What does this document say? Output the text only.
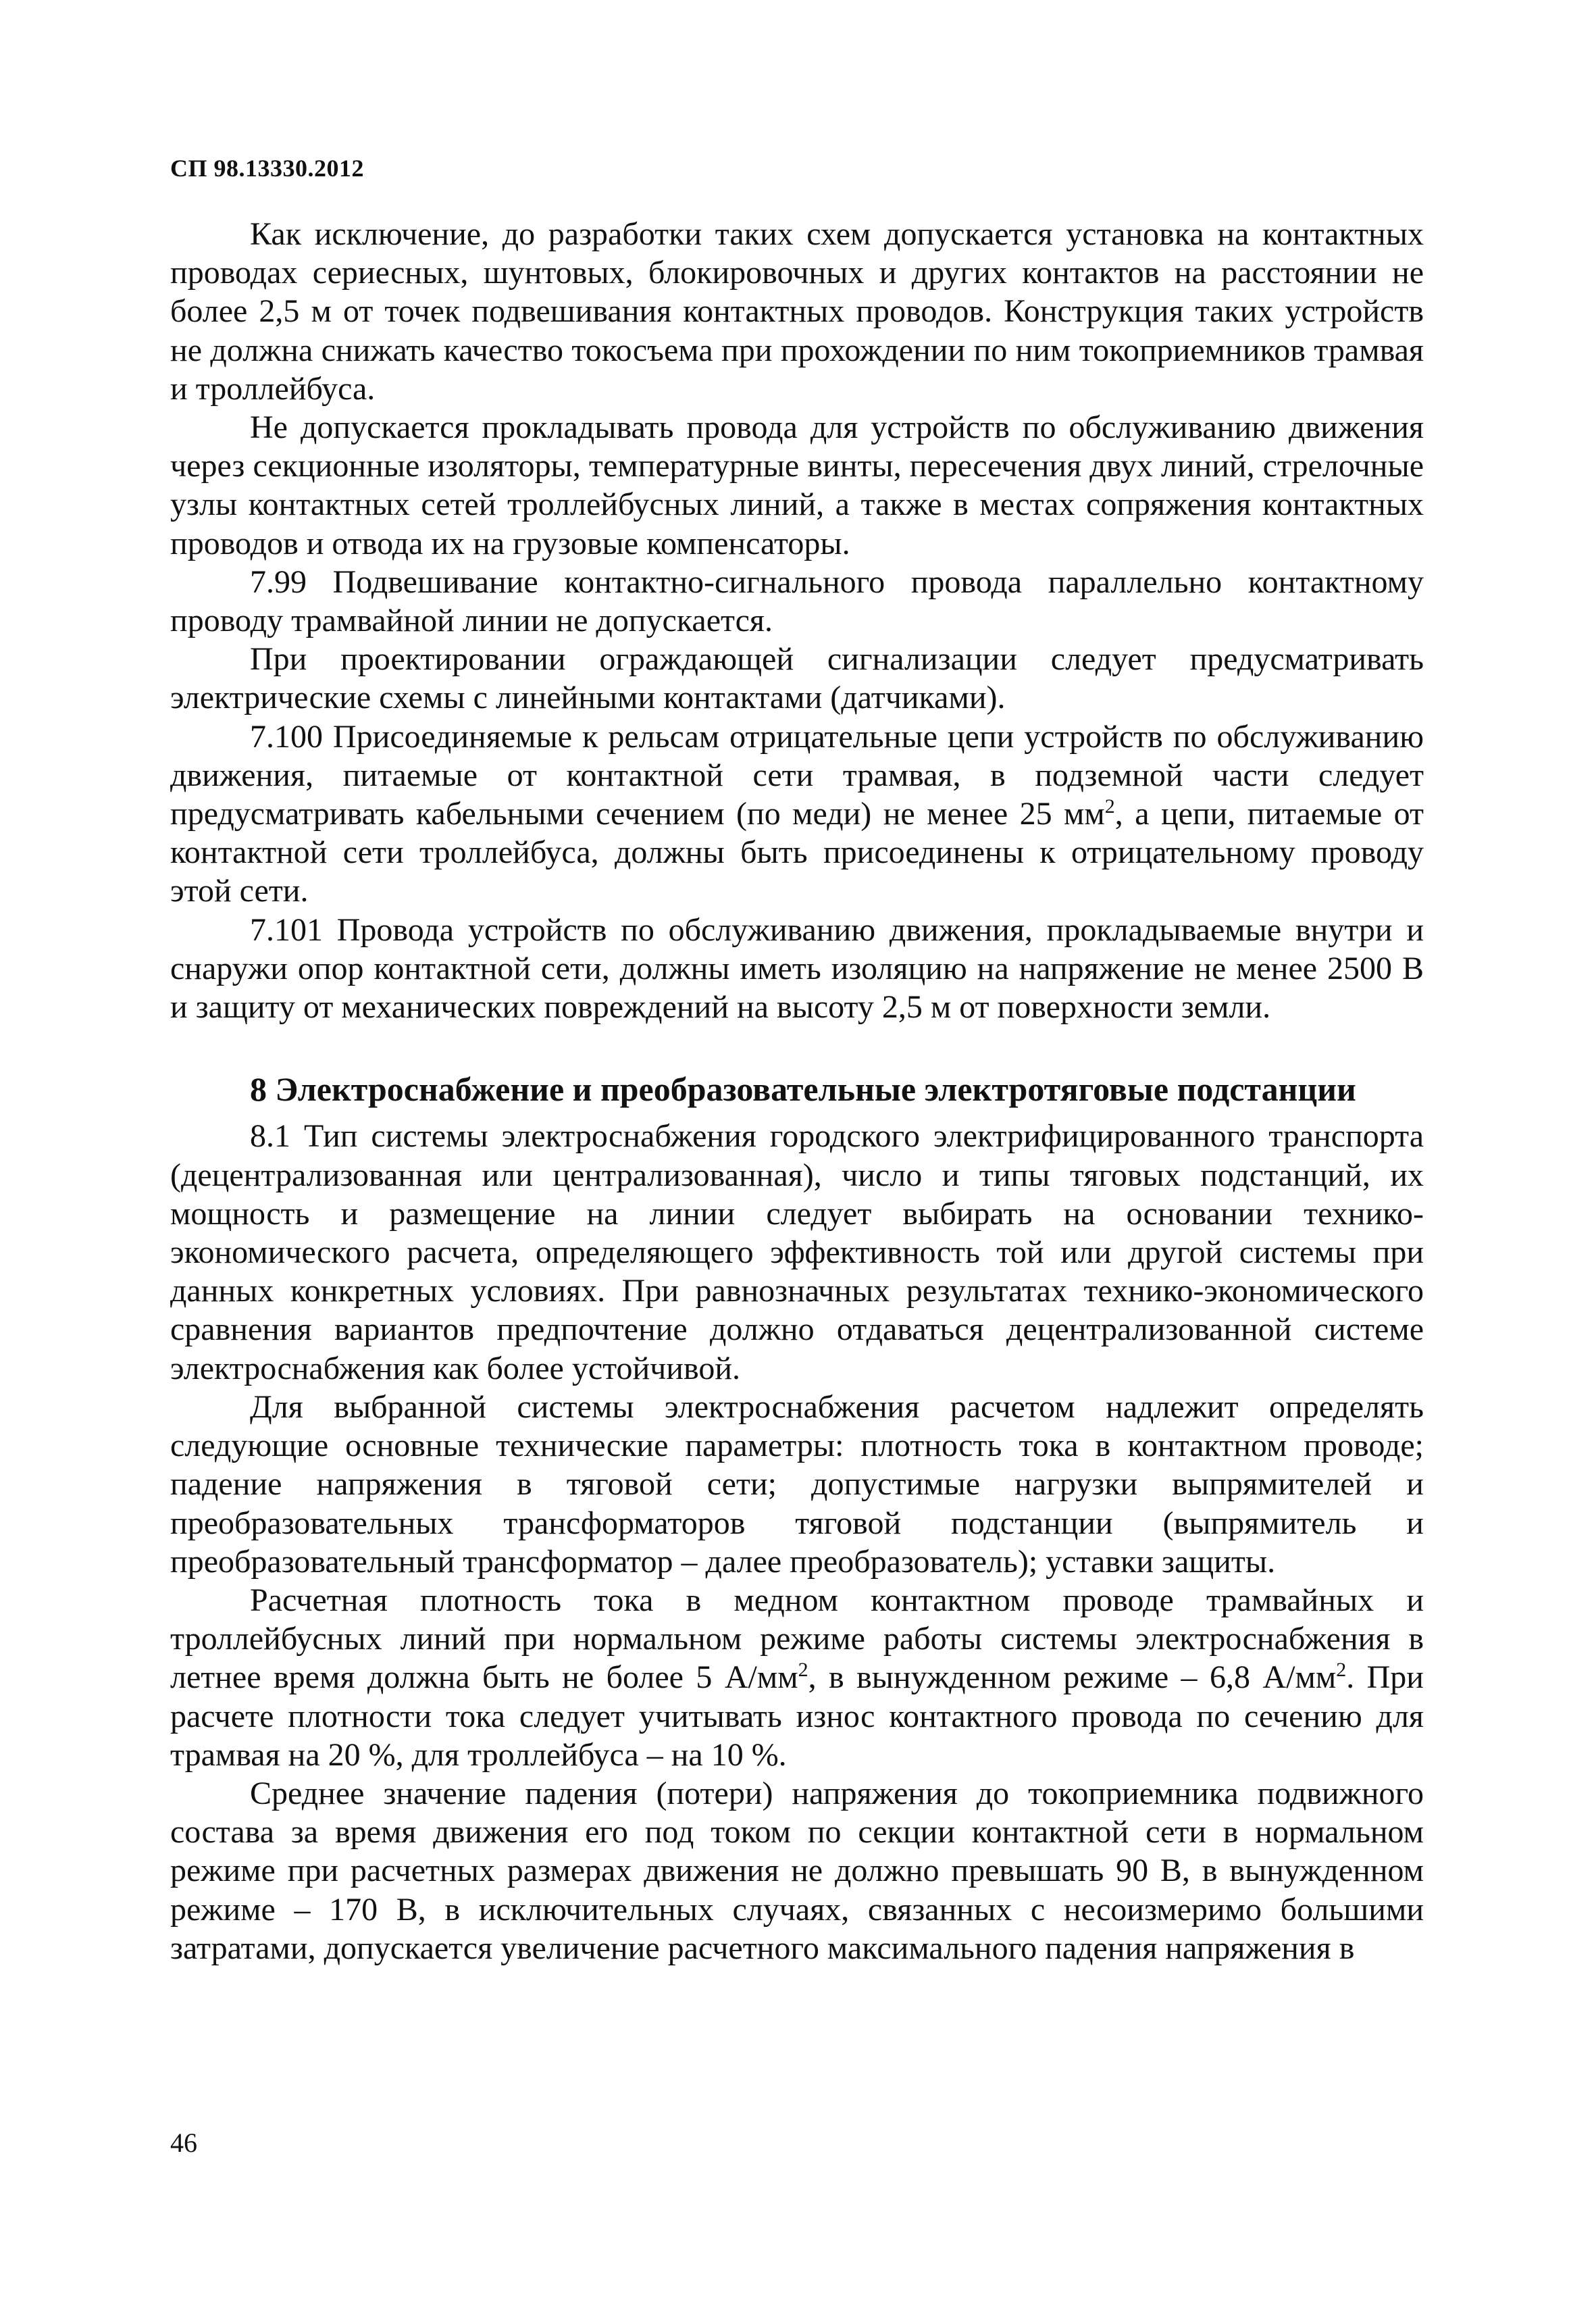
СП 98.13330.2012

Как исключение, до разработки таких схем допускается установка на контактных проводах сериесных, шунтовых, блокировочных и других контактов на расстоянии не более 2,5 м от точек подвешивания контактных проводов. Конструкция таких устройств не должна снижать качество токосъема при прохождении по ним токоприемников трамвая и троллейбуса.

Не допускается прокладывать провода для устройств по обслуживанию движения через секционные изоляторы, температурные винты, пересечения двух линий, стрелочные узлы контактных сетей троллейбусных линий, а также в местах сопряжения контактных проводов и отвода их на грузовые компенсаторы.

7.99 Подвешивание контактно-сигнального провода параллельно контактному проводу трамвайной линии не допускается.

При проектировании ограждающей сигнализации следует предусматривать электрические схемы с линейными контактами (датчиками).

7.100 Присоединяемые к рельсам отрицательные цепи устройств по обслуживанию движения, питаемые от контактной сети трамвая, в подземной части следует предусматривать кабельными сечением (по меди) не менее 25 $мм^2$, а цепи, питаемые от контактной сети троллейбуса, должны быть присоединены к отрицательному проводу этой сети.

7.101 Провода устройств по обслуживанию движения, прокладываемые внутри и снаружи опор контактной сети, должны иметь изоляцию на напряжение не менее 2500 В и защиту от механических повреждений на высоту 2,5 м от поверхности земли.

8 Электроснабжение и преобразовательные электротяговые подстанции

8.1 Тип системы электроснабжения городского электрифицированного транспорта (децентрализованная или централизованная), число и типы тяговых подстанций, их мощность и размещение на линии следует выбирать на основании технико-экономического расчета, определяющего эффективность той или другой системы при данных конкретных условиях. При равнозначных результатах технико-экономического сравнения вариантов предпочтение должно отдаваться децентрализованной системе электроснабжения как более устойчивой.

Для выбранной системы электроснабжения расчетом надлежит определять следующие основные технические параметры: плотность тока в контактном проводе; падение напряжения в тяговой сети; допустимые нагрузки выпрямителей и преобразовательных трансформаторов тяговой подстанции (выпрямитель и преобразовательный трансформатор – далее преобразователь); уставки защиты.

Расчетная плотность тока в медном контактном проводе трамвайных и троллейбусных линий при нормальном режиме работы системы электроснабжения в летнее время должна быть не более 5 $А/мм^2$, в вынужденном режиме – 6,8 $А/мм^2$. При расчете плотности тока следует учитывать износ контактного провода по сечению для трамвая на 20 %, для троллейбуса – на 10 %.

Среднее значение падения (потери) напряжения до токоприемника подвижного состава за время движения его под током по секции контактной сети в нормальном режиме при расчетных размерах движения не должно превышать 90 В, в вынужденном режиме – 170 В, в исключительных случаях, связанных с несоизмеримо большими затратами, допускается увеличение расчетного максимального падения напряжения в

46
